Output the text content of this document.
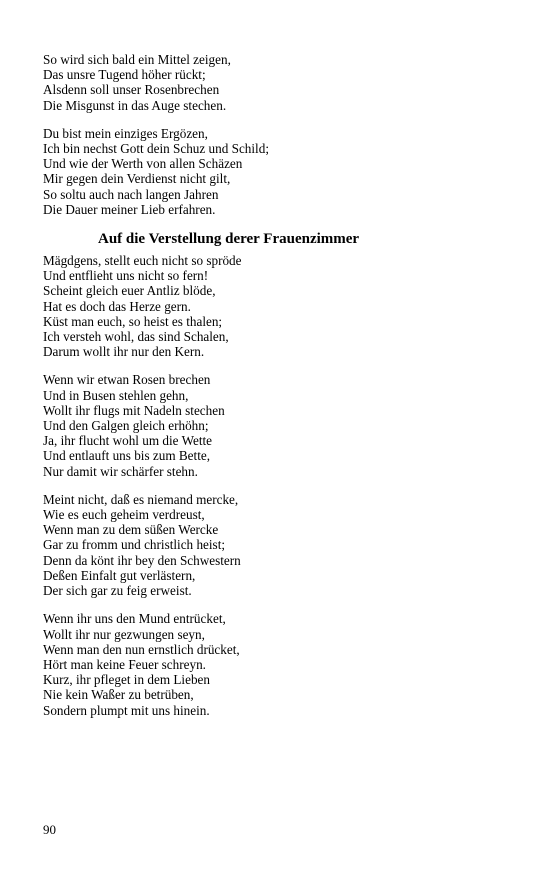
So wird sich bald ein Mittel zeigen,
Das unsre Tugend höher rückt;
Alsdenn soll unser Rosenbrechen
Die Misgunst in das Auge stechen.
Du bist mein einziges Ergözen,
Ich bin nechst Gott dein Schuz und Schild;
Und wie der Werth von allen Schäzen
Mir gegen dein Verdienst nicht gilt,
So soltu auch nach langen Jahren
Die Dauer meiner Lieb erfahren.
Auf die Verstellung derer Frauenzimmer
Mägdgens, stellt euch nicht so spröde
Und entflieht uns nicht so fern!
Scheint gleich euer Antliz blöde,
Hat es doch das Herze gern.
Küst man euch, so heist es thalen;
Ich versteh wohl, das sind Schalen,
Darum wollt ihr nur den Kern.
Wenn wir etwan Rosen brechen
Und in Busen stehlen gehn,
Wollt ihr flugs mit Nadeln stechen
Und den Galgen gleich erhöhn;
Ja, ihr flucht wohl um die Wette
Und entlauft uns bis zum Bette,
Nur damit wir schärfer stehn.
Meint nicht, daß es niemand mercke,
Wie es euch geheim verdreust,
Wenn man zu dem süßen Wercke
Gar zu fromm und christlich heist;
Denn da könt ihr bey den Schwestern
Deßen Einfalt gut verlästern,
Der sich gar zu feig erweist.
Wenn ihr uns den Mund entrücket,
Wollt ihr nur gezwungen seyn,
Wenn man den nun ernstlich drücket,
Hört man keine Feuer schreyn.
Kurz, ihr pfleget in dem Lieben
Nie kein Waßer zu betrüben,
Sondern plumpt mit uns hinein.
90
